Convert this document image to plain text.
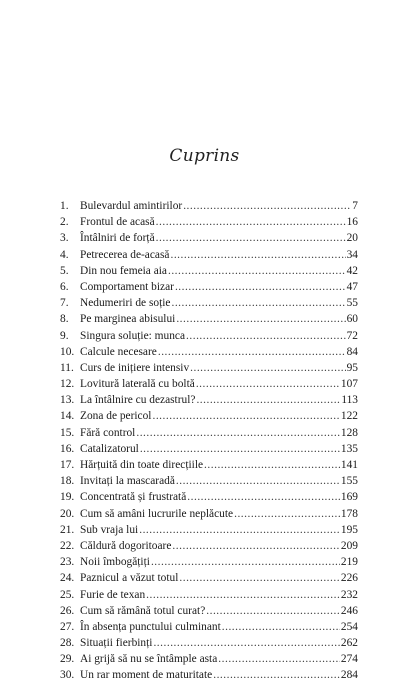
Cuprins
1.	Bulevardul amintirilor .....	7
2.	Frontul de acasă .....	16
3.	Întâlniri de forță .....	20
4.	Petrecerea de-acasă .....	34
5.	Din nou femeia aia .....	42
6.	Comportament bizar .....	47
7.	Nedumeriri de soție .....	55
8.	Pe marginea abisului .....	60
9.	Singura soluție: munca .....	72
10. Calcule necesare .....	84
11. Curs de inițiere intensiv .....	95
12. Lovitură laterală cu boltă .....	107
13. La întâlnire cu dezastrul? .....	113
14. Zona de pericol .....	122
15. Fără control .....	128
16. Catalizatorul .....	135
17. Hărțuită din toate direcțiile .....	141
18. Invitați la mascaradă .....	155
19. Concentrată și frustrată .....	169
20. Cum să amâni lucrurile neplăcute .....	178
21. Sub vraja lui .....	195
22. Căldură dogoritoare .....	209
23. Noii îmbogățiți .....	219
24. Paznicul a văzut totul .....	226
25. Furie de texan .....	232
26. Cum să rămână totul curat? .....	246
27. În absența punctului culminant .....	254
28. Situații fierbinți .....	262
29. Ai grijă să nu se întâmple asta .....	274
30. Un rar moment de maturitate .....	284
